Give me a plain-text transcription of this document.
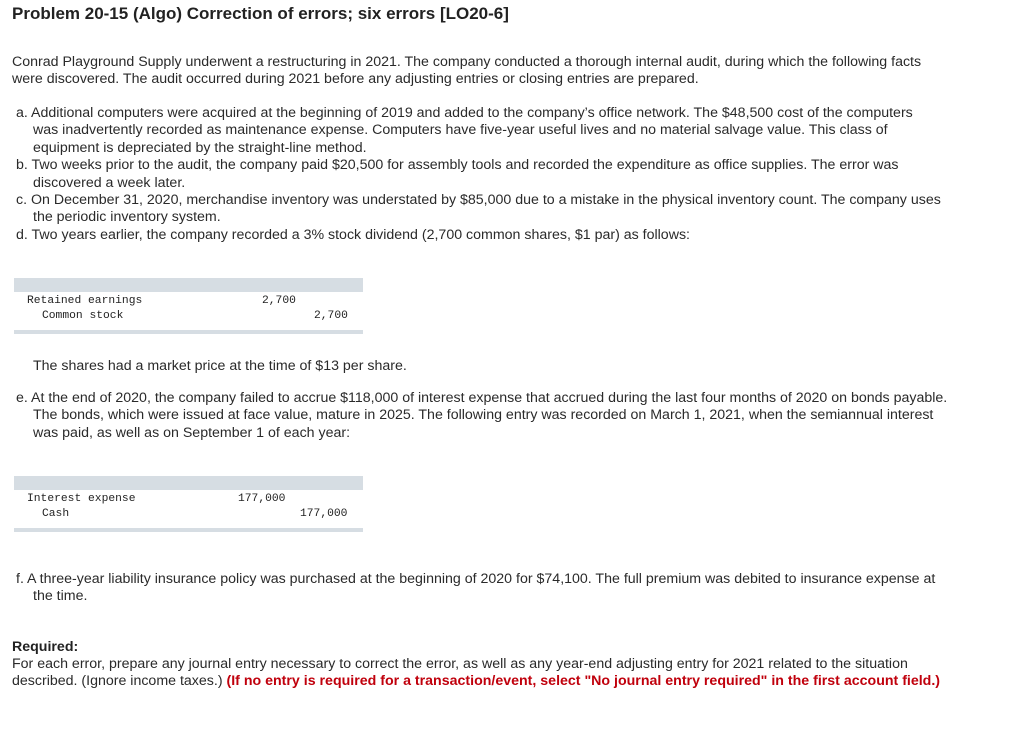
Problem 20-15 (Algo) Correction of errors; six errors [LO20-6]

Conrad Playground Supply underwent a restructuring in 2021. The company conducted a thorough internal audit, during which the following facts were discovered. The audit occurred during 2021 before any adjusting entries or closing entries are prepared.

a. Additional computers were acquired at the beginning of 2019 and added to the company’s office network. The $48,500 cost of the computers was inadvertently recorded as maintenance expense. Computers have five-year useful lives and no material salvage value. This class of equipment is depreciated by the straight-line method.
b. Two weeks prior to the audit, the company paid $20,500 for assembly tools and recorded the expenditure as office supplies. The error was discovered a week later.
c. On December 31, 2020, merchandise inventory was understated by $85,000 due to a mistake in the physical inventory count. The company uses the periodic inventory system.
d. Two years earlier, the company recorded a 3% stock dividend (2,700 common shares, $1 par) as follows:
Retained earnings	2,700
Common stock	2,700

The shares had a market price at the time of $13 per share.

e. At the end of 2020, the company failed to accrue $118,000 of interest expense that accrued during the last four months of 2020 on bonds payable. The bonds, which were issued at face value, mature in 2025. The following entry was recorded on March 1, 2021, when the semiannual interest was paid, as well as on September 1 of each year:

Interest expense	177,000
Cash	177,000

f. A three-year liability insurance policy was purchased at the beginning of 2020 for $74,100. The full premium was debited to insurance expense at the time.

Required:

For each error, prepare any journal entry necessary to correct the error, as well as any year-end adjusting entry for 2021 related to the situation described. (Ignore income taxes.) (If no entry is required for a transaction/event, select "No journal entry required" in the first account field.)
